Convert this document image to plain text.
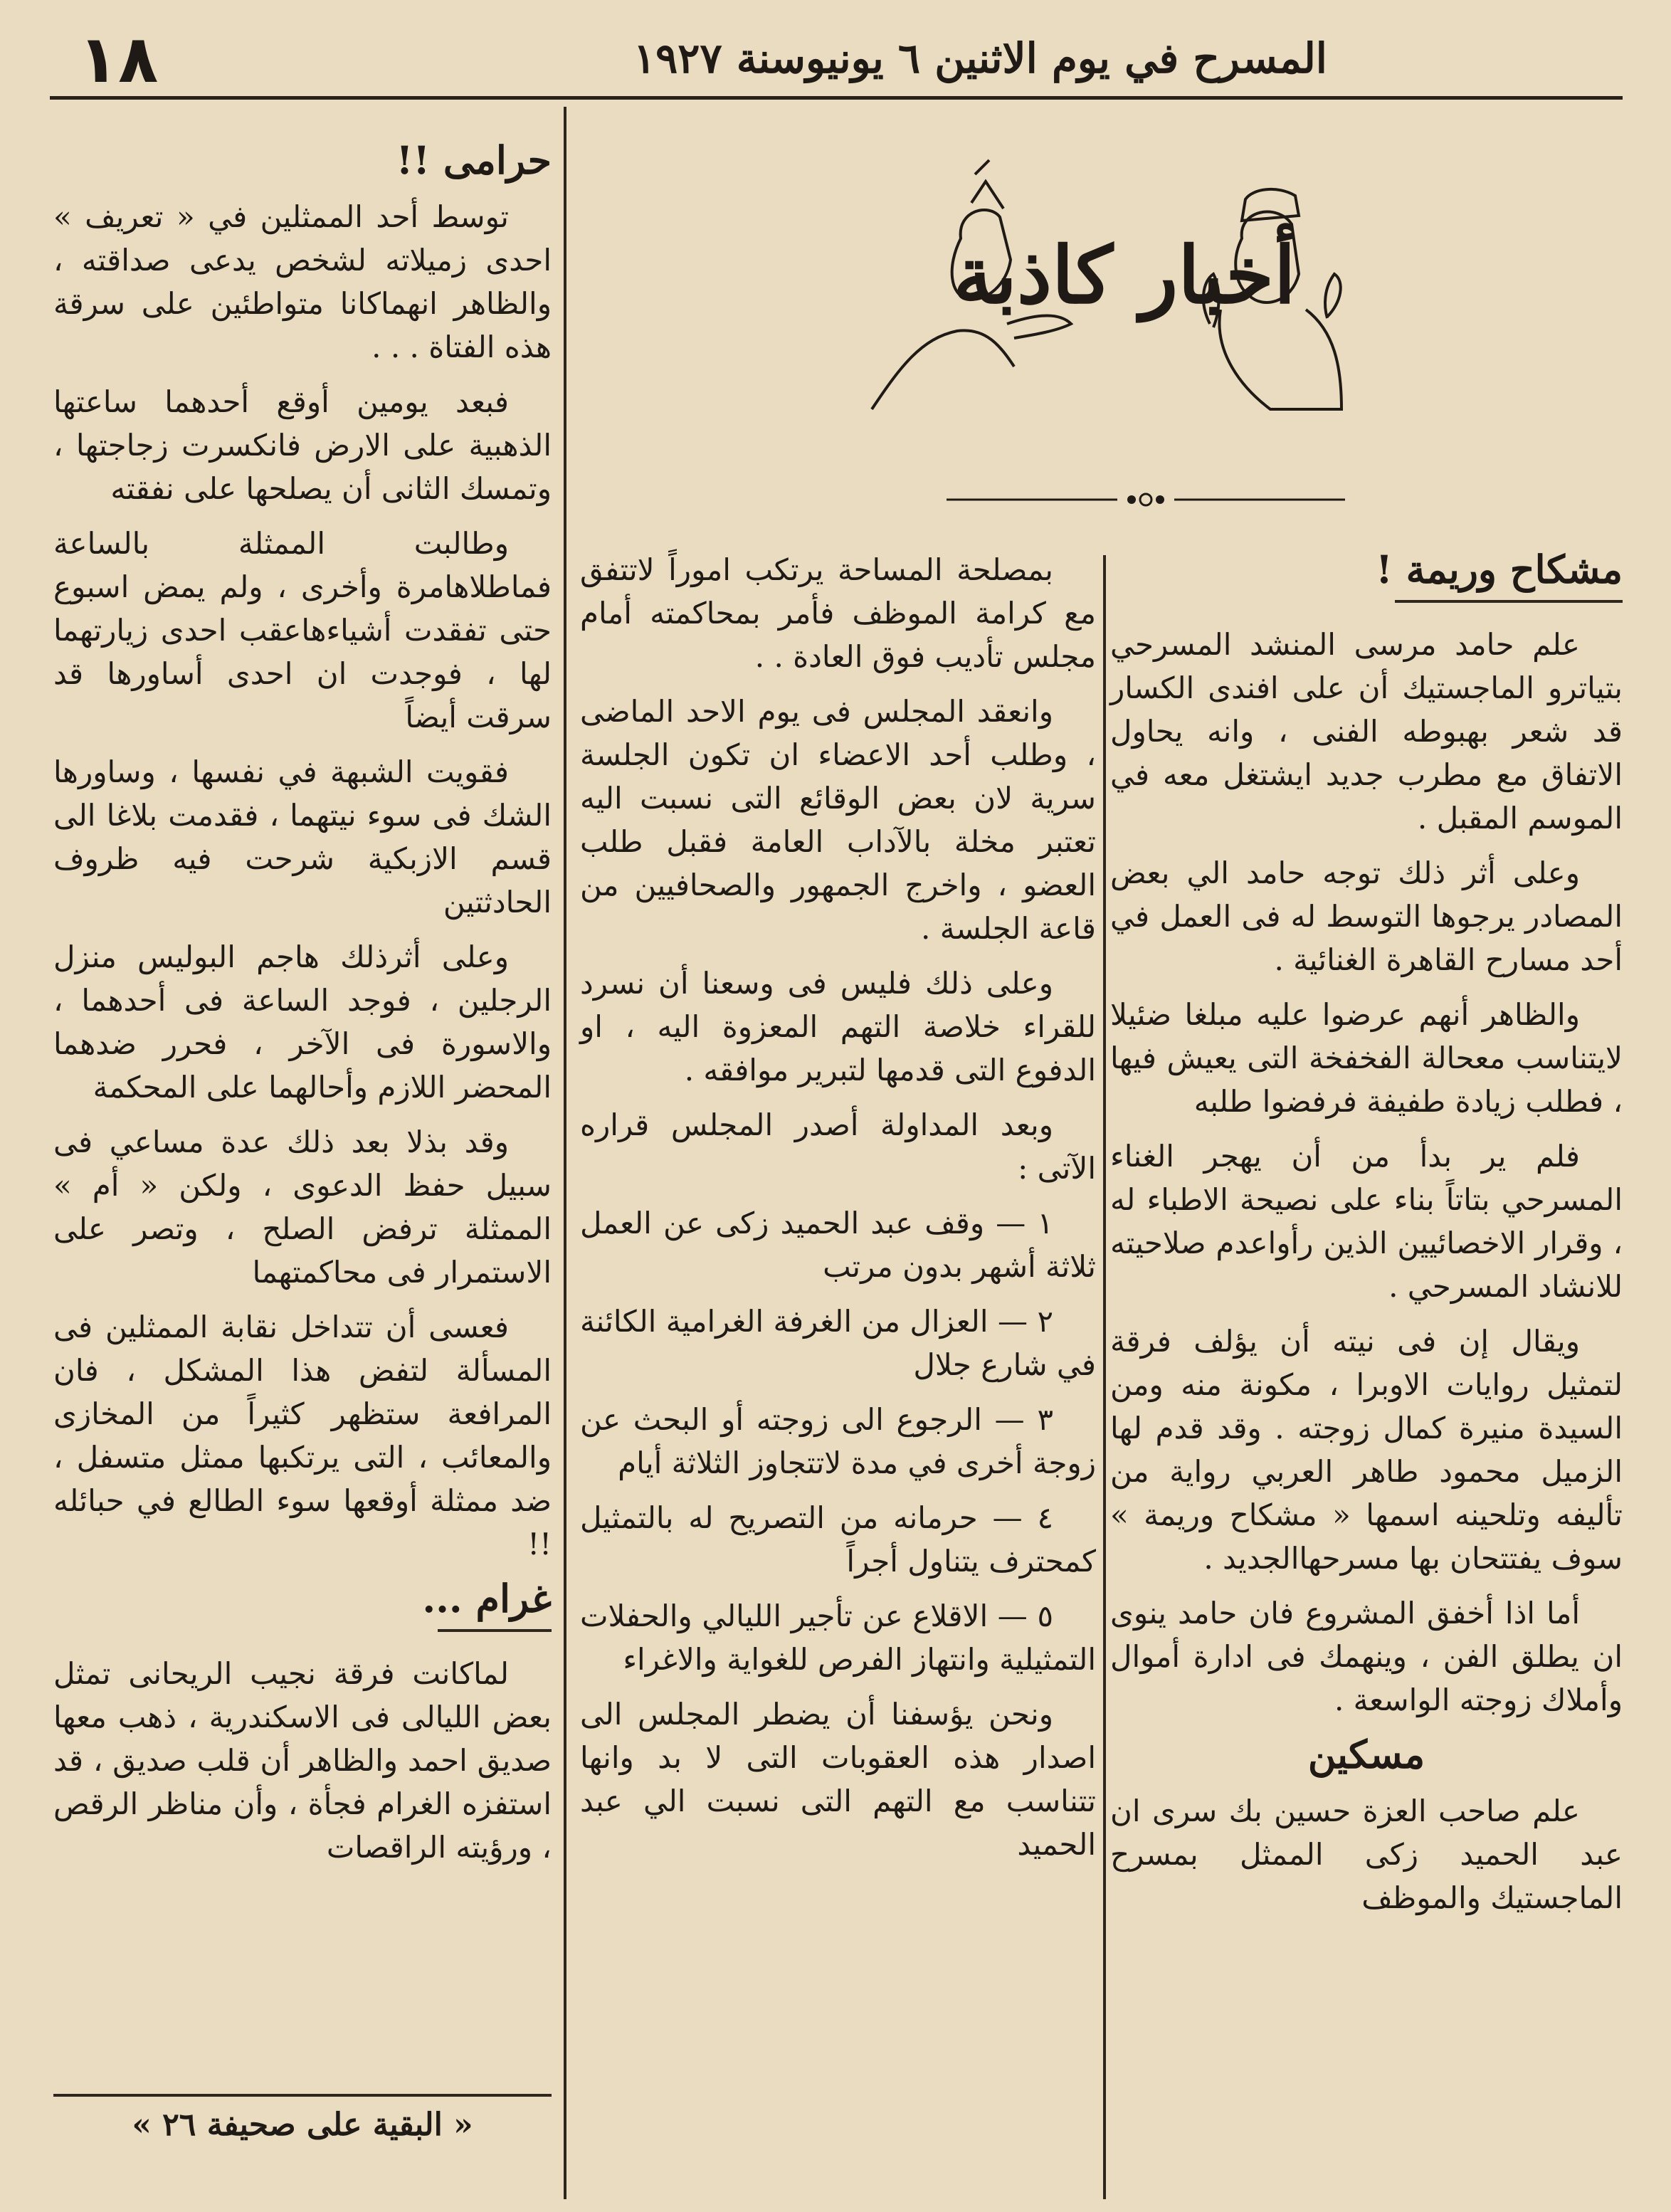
١٨	المسرح في يوم الاثنين ٦ يونيوسنة ١٩٢٧
أخبار كاذبة
مشكاح وريمة !

علم حامد مرسى المنشد المسرحي بتياترو الماجستيك أن على افندى الكسار قد شعر بهبوطه الفنى ، وانه يحاول الاتفاق مع مطرب جديد ايشتغل معه في الموسم المقبل .

وعلى أثر ذلك توجه حامد الي بعض المصادر يرجوها التوسط له فى العمل في أحد مسارح القاهرة الغنائية .

والظاهر أنهم عرضوا عليه مبلغا ضئيلا لايتناسب معحالة الفخفخة التى يعيش فيها ، فطلب زيادة طفيفة فرفضوا طلبه

فلم ير بدأ من أن يهجر الغناء المسرحي بتاتاً بناء على نصيحة الاطباء له ، وقرار الاخصائيين الذين رأواعدم صلاحيته للانشاد المسرحي .

ويقال إن فى نيته أن يؤلف فرقة لتمثيل روايات الاوبرا ، مكونة منه ومن السيدة منيرة كمال زوجته . وقد قدم لها الزميل محمود طاهر العربي رواية من تأليفه وتلحينه اسمها « مشكاح وريمة » سوف يفتتحان بها مسرحهاالجديد .

أما اذا أخفق المشروع فان حامد ينوى ان يطلق الفن ، وينهمك فى ادارة أموال وأملاك زوجته الواسعة .

مسكين

علم صاحب العزة حسين بك سرى ان عبد الحميد زكى الممثل بمسرح الماجستيك والموظف

بمصلحة المساحة يرتكب اموراً لاتتفق مع كرامة الموظف فأمر بمحاكمته أمام مجلس تأديب فوق العادة . .

وانعقد المجلس فى يوم الاحد الماضى ، وطلب أحد الاعضاء ان تكون الجلسة سرية لان بعض الوقائع التى نسبت اليه تعتبر مخلة بالآداب العامة فقبل طلب العضو ، واخرج الجمهور والصحافيين من قاعة الجلسة .

وعلى ذلك فليس فى وسعنا أن نسرد للقراء خلاصة التهم المعزوة اليه ، او الدفوع التى قدمها لتبرير موافقه .

وبعد المداولة أصدر المجلس قراره الآتى :

١ — وقف عبد الحميد زكى عن العمل ثلاثة أشهر بدون مرتب

٢ — العزال من الغرفة الغرامية الكائنة في شارع جلال

٣ — الرجوع الى زوجته أو البحث عن زوجة أخرى في مدة لاتتجاوز الثلاثة أيام

٤ — حرمانه من التصريح له بالتمثيل كمحترف يتناول أجراً

٥ — الاقلاع عن تأجير الليالي والحفلات التمثيلية وانتهاز الفرص للغواية والاغراء

ونحن يؤسفنا أن يضطر المجلس الى اصدار هذه العقوبات التى لا بد وانها تتناسب مع التهم التى نسبت الي عبد الحميد

حرامى !!

توسط أحد الممثلين في « تعريف » احدى زميلاته لشخص يدعى صداقته ، والظاهر انهماكانا متواطئين على سرقة هذه الفتاة . . .

فبعد يومين أوقع أحدهما ساعتها الذهبية على الارض فانكسرت زجاجتها ، وتمسك الثانى أن يصلحها على نفقته

وطالبت الممثلة بالساعة فماطلاهامرة وأخرى ، ولم يمض اسبوع حتى تفقدت أشياءهاعقب احدى زيارتهما لها ، فوجدت ان احدى أساورها قد سرقت أيضاً

فقويت الشبهة في نفسها ، وساورها الشك فى سوء نيتهما ، فقدمت بلاغا الى قسم الازبكية شرحت فيه ظروف الحادثتين

وعلى أثرذلك هاجم البوليس منزل الرجلين ، فوجد الساعة فى أحدهما ، والاسورة فى الآخر ، فحرر ضدهما المحضر اللازم وأحالهما على المحكمة

وقد بذلا بعد ذلك عدة مساعي فى سبيل حفظ الدعوى ، ولكن « أم » الممثلة ترفض الصلح ، وتصر على الاستمرار فى محاكمتهما

فعسى أن تتداخل نقابة الممثلين فى المسألة لتفض هذا المشكل ، فان المرافعة ستظهر كثيراً من المخازى والمعائب ، التى يرتكبها ممثل متسفل ، ضد ممثلة أوقعها سوء الطالع في حبائله !!

غرام ...

لماكانت فرقة نجيب الريحانى تمثل بعض الليالى فى الاسكندرية ، ذهب معها صديق احمد والظاهر أن قلب صديق ، قد استفزه الغرام فجأة ، وأن مناظر الرقص ، ورؤيته الراقصات

« البقية على صحيفة ٢٦ »
